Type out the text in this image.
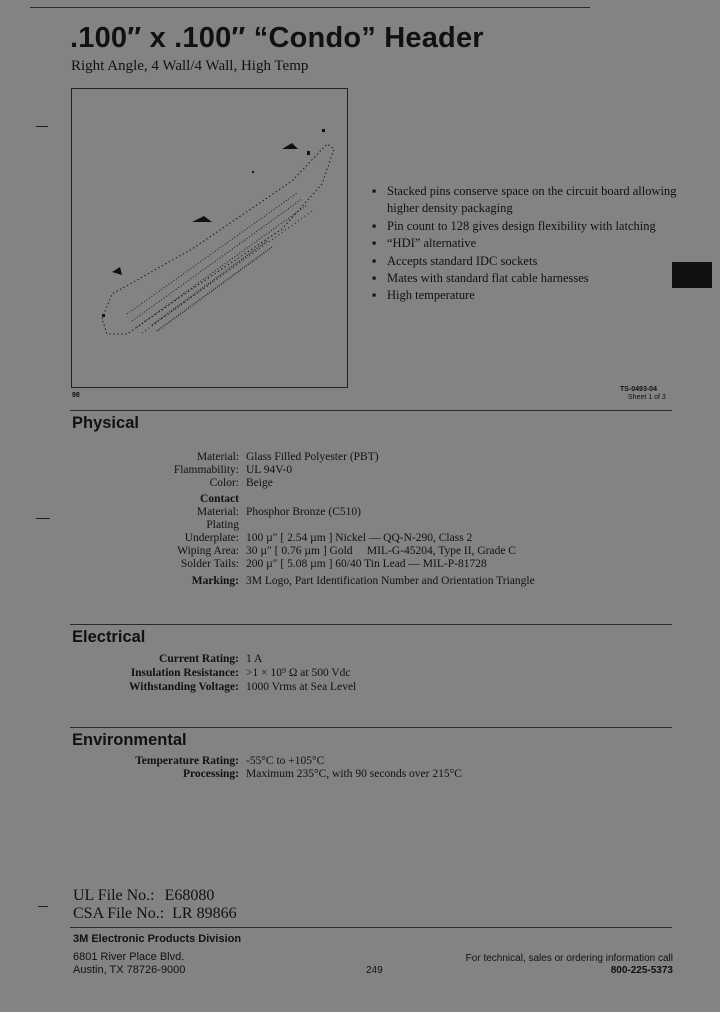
.100″ x .100″ “Condo” Header
Right Angle, 4 Wall/4 Wall, High Temp
98
TS-0493-04
Sheet 1 of 3
▪ Stacked pins conserve space on the circuit board allowing higher density packaging
▪ Pin count to 128 gives design flexibility with latching
▪ “HDI” alternative
▪ Accepts standard IDC sockets
▪ Mates with standard flat cable harnesses
▪ High temperature
Physical
Material: Glass Filled Polyester (PBT)
Flammability: UL 94V-0
Color: Beige
Contact
Material: Phosphor Bronze (C510)
Plating
Underplate: 100 µ″ [ 2.54 µm ] Nickel — QQ-N-290, Class 2
Wiping Area: 30 µ″ [ 0.76 µm ] Gold     MIL-G-45204, Type II, Grade C
Solder Tails: 200 µ″ [ 5.08 µm ] 60/40 Tin Lead — MIL-P-81728
Marking: 3M Logo, Part Identification Number and Orientation Triangle
Electrical
Current Rating: 1 A
Insulation Resistance: >1 × 10⁹ Ω at 500 Vdc
Withstanding Voltage: 1000 Vrms at Sea Level
Environmental
Temperature Rating: -55°C to +105°C
Processing: Maximum 235°C, with 90 seconds over 215°C
UL File No.: E68080
CSA File No.: LR 89866
3M Electronic Products Division
6801 River Place Blvd.
Austin, TX 78726-9000	249
For technical, sales or ordering information call
800-225-5373
